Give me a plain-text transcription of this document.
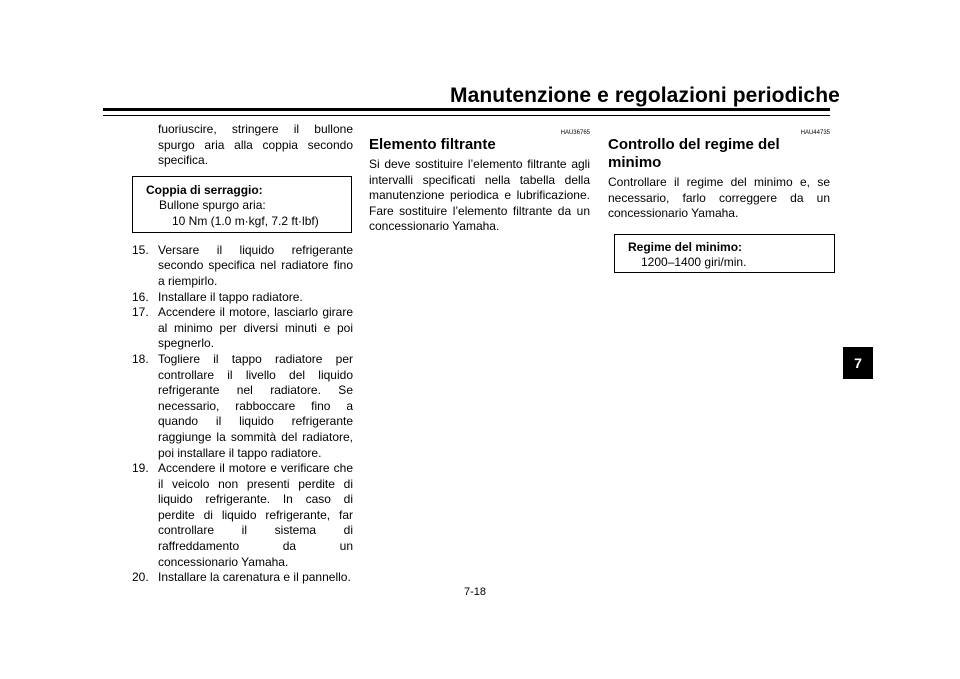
Manutenzione e regolazioni periodiche
fuoriuscire, stringere il bullone spurgo aria alla coppia secondo specifica.
Coppia di serraggio:
Bullone spurgo aria:
10 Nm (1.0 m·kgf, 7.2 ft·lbf)
15. Versare il liquido refrigerante secondo specifica nel radiatore fino a riempirlo.
16. Installare il tappo radiatore.
17. Accendere il motore, lasciarlo girare al minimo per diversi minuti e poi spegnerlo.
18. Togliere il tappo radiatore per controllare il livello del liquido refrigerante nel radiatore. Se necessario, rabboccare fino a quando il liquido refrigerante raggiunge la sommità del radiatore, poi installare il tappo radiatore.
19. Accendere il motore e verificare che il veicolo non presenti perdite di liquido refrigerante. In caso di perdite di liquido refrigerante, far controllare il sistema di raffreddamento da un concessionario Yamaha.
20. Installare la carenatura e il pannello.
HAU36765
Elemento filtrante
Si deve sostituire l’elemento filtrante agli intervalli specificati nella tabella della manutenzione periodica e lubrificazione. Fare sostituire l’elemento filtrante da un concessionario Yamaha.
HAU44735
Controllo del regime del minimo
Controllare il regime del minimo e, se necessario, farlo correggere da un concessionario Yamaha.
Regime del minimo:
1200–1400 giri/min.
7
7-18
